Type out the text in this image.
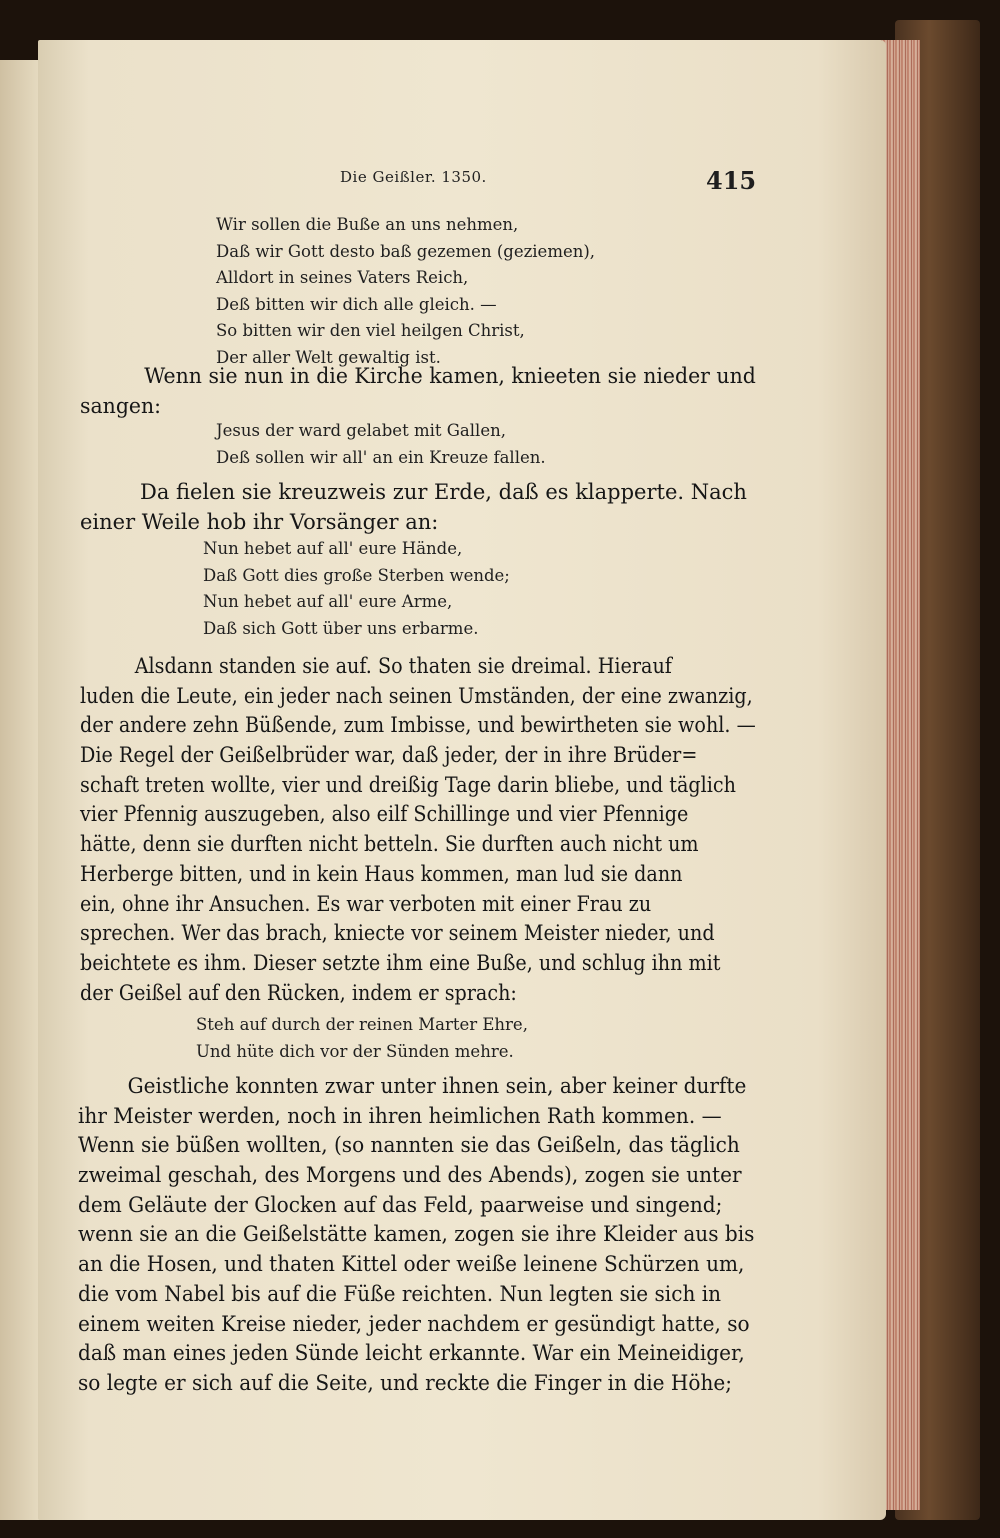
Die Geißler. 1350.	415
Wir sollen die Buße an uns nehmen,
Daß wir Gott desto baß gezemen (geziemen),
Alldort in seines Vaters Reich,
Deß bitten wir dich alle gleich. —
So bitten wir den viel heilgen Christ,
Der aller Welt gewaltig ist.
Wenn sie nun in die Kirche kamen, knieeten sie nieder und
sangen:
Jesus der ward gelabet mit Gallen,
Deß sollen wir all' an ein Kreuze fallen.
Da fielen sie kreuzweis zur Erde, daß es klapperte. Nach
einer Weile hob ihr Vorsänger an:
Nun hebet auf all' eure Hände,
Daß Gott dies große Sterben wende;
Nun hebet auf all' eure Arme,
Daß sich Gott über uns erbarme.
Alsdann standen sie auf. So thaten sie dreimal. Hierauf
luden die Leute, ein jeder nach seinen Umständen, der eine zwanzig,
der andere zehn Büßende, zum Imbisse, und bewirtheten sie wohl. —
Die Regel der Geißelbrüder war, daß jeder, der in ihre Brüder=
schaft treten wollte, vier und dreißig Tage darin bliebe, und täglich
vier Pfennig auszugeben, also eilf Schillinge und vier Pfennige
hätte, denn sie durften nicht betteln. Sie durften auch nicht um
Herberge bitten, und in kein Haus kommen, man lud sie dann
ein, ohne ihr Ansuchen. Es war verboten mit einer Frau zu
sprechen. Wer das brach, kniecte vor seinem Meister nieder, und
beichtete es ihm. Dieser setzte ihm eine Buße, und schlug ihn mit
der Geißel auf den Rücken, indem er sprach:
Steh auf durch der reinen Marter Ehre,
Und hüte dich vor der Sünden mehre.
Geistliche konnten zwar unter ihnen sein, aber keiner durfte
ihr Meister werden, noch in ihren heimlichen Rath kommen. —
Wenn sie büßen wollten, (so nannten sie das Geißeln, das täglich
zweimal geschah, des Morgens und des Abends), zogen sie unter
dem Geläute der Glocken auf das Feld, paarweise und singend;
wenn sie an die Geißelstätte kamen, zogen sie ihre Kleider aus bis
an die Hosen, und thaten Kittel oder weiße leinene Schürzen um,
die vom Nabel bis auf die Füße reichten. Nun legten sie sich in
einem weiten Kreise nieder, jeder nachdem er gesündigt hatte, so
daß man eines jeden Sünde leicht erkannte. War ein Meineidiger,
so legte er sich auf die Seite, und reckte die Finger in die Höhe;
